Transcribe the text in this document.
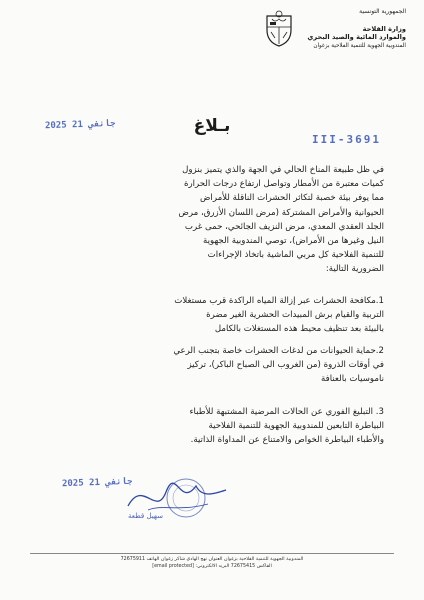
الجمهورية التونسية
وزارة الفلاحة
والموارد المائية والصيد البحري
المندوبية الجهوية للتنمية الفلاحية بزغوان
2025 جانفي 21
III-3691
بـلاغ
في ظل طبيعة المناخ الحالي في الجهة والذي يتميز بنزول
كميات معتبرة من الأمطار وتواصل ارتفاع درجات الحرارة
مما يوفر بيئة خصبة لتكاثر الحشرات الناقلة للأمراض
الحيوانية والأمراض المشتركة (مرض اللسان الأزرق، مرض
الجلد العقدي المعدي، مرض النزيف الجائحي، حمى غرب
النيل وغيرها من الأمراض)، توصي المندوبية الجهوية
للتنمية الفلاحية كل مربي الماشية باتخاذ الإجراءات
الضرورية التالية:
1.مكافحة الحشرات عبر إزالة المياه الراكدة قرب مستغلات
التربية والقيام برش المبيدات الحشرية الغير مضرة
بالبيئة بعد تنظيف محيط هذه المستغلات بالكامل
2.حماية الحيوانات من لدغات الحشرات خاصة بتجنب الرعي
في أوقات الذروة (من الغروب الى الصباح الباكر)، تركيز
ناموسيات بالعنافة
3. التبليغ الفوري عن الحالات المرضية المشتبهة للأطباء
البياطرة التابعين للمندوبية الجهوية للتنمية الفلاحية
والأطباء البياطرة الخواص والامتناع عن المداواة الذاتية.
2025 جانفي 21
سهيل قطعة
المندوبية الجهوية للتنمية الفلاحية بزغوان العنوان نهج الهادي شاكر زغوان الهاتف 72675911
الفاكس 72675415 البريد الالكتروني: [email protected]
